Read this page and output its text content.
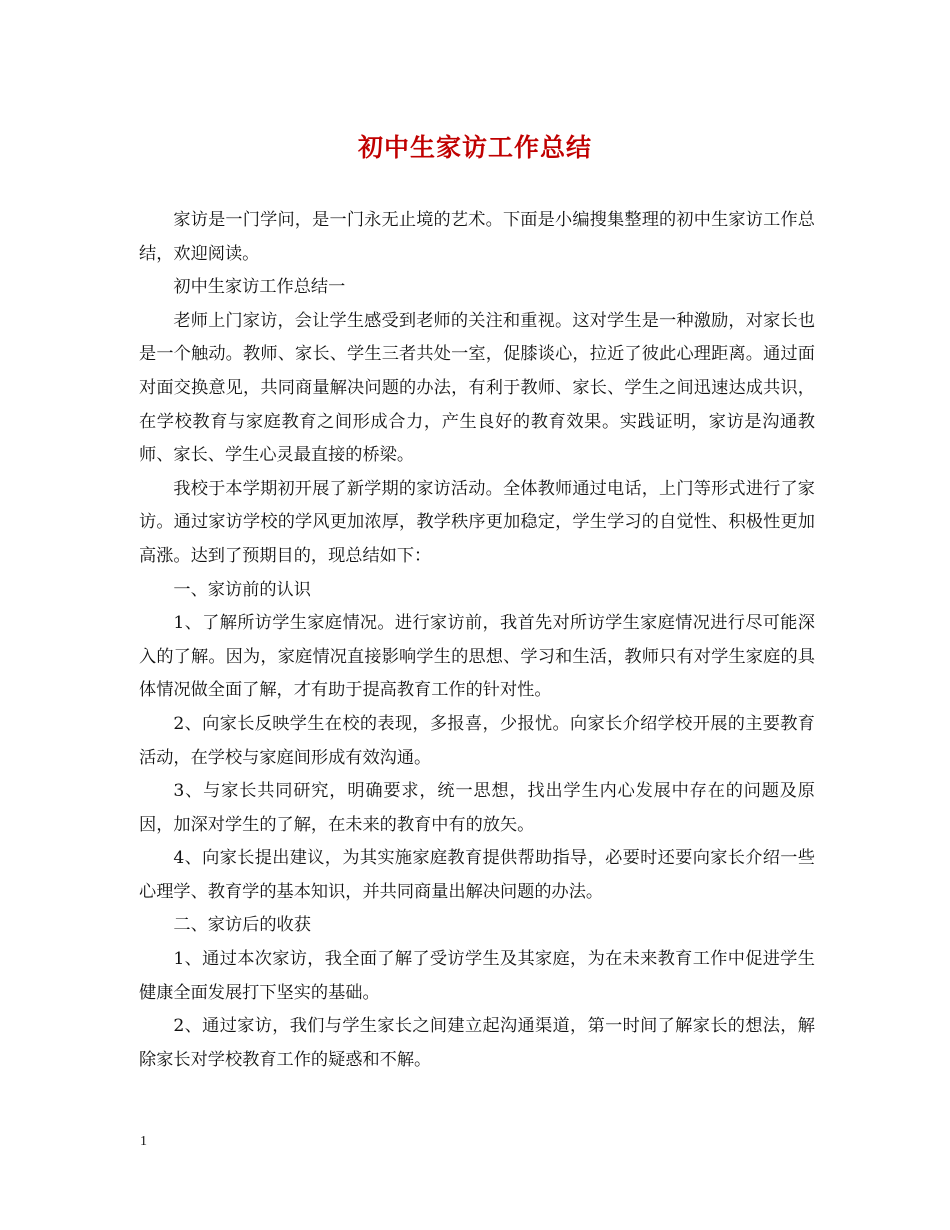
初中生家访工作总结

家访是一门学问，是一门永无止境的艺术。下面是小编搜集整理的初中生家访工作总结，欢迎阅读。

初中生家访工作总结一

老师上门家访，会让学生感受到老师的关注和重视。这对学生是一种激励，对家长也是一个触动。教师、家长、学生三者共处一室，促膝谈心，拉近了彼此心理距离。通过面对面交换意见，共同商量解决问题的办法，有利于教师、家长、学生之间迅速达成共识，在学校教育与家庭教育之间形成合力，产生良好的教育效果。实践证明，家访是沟通教师、家长、学生心灵最直接的桥梁。

我校于本学期初开展了新学期的家访活动。全体教师通过电话，上门等形式进行了家访。通过家访学校的学风更加浓厚，教学秩序更加稳定，学生学习的自觉性、积极性更加高涨。达到了预期目的，现总结如下：

一、家访前的认识

1、了解所访学生家庭情况。进行家访前，我首先对所访学生家庭情况进行尽可能深入的了解。因为，家庭情况直接影响学生的思想、学习和生活，教师只有对学生家庭的具体情况做全面了解，才有助于提高教育工作的针对性。

2、向家长反映学生在校的表现，多报喜，少报忧。向家长介绍学校开展的主要教育活动，在学校与家庭间形成有效沟通。

3、与家长共同研究，明确要求，统一思想，找出学生内心发展中存在的问题及原因，加深对学生的了解，在未来的教育中有的放矢。

4、向家长提出建议，为其实施家庭教育提供帮助指导，必要时还要向家长介绍一些心理学、教育学的基本知识，并共同商量出解决问题的办法。

二、家访后的收获

1、通过本次家访，我全面了解了受访学生及其家庭，为在未来教育工作中促进学生健康全面发展打下坚实的基础。

2、通过家访，我们与学生家长之间建立起沟通渠道，第一时间了解家长的想法，解除家长对学校教育工作的疑惑和不解。

1
